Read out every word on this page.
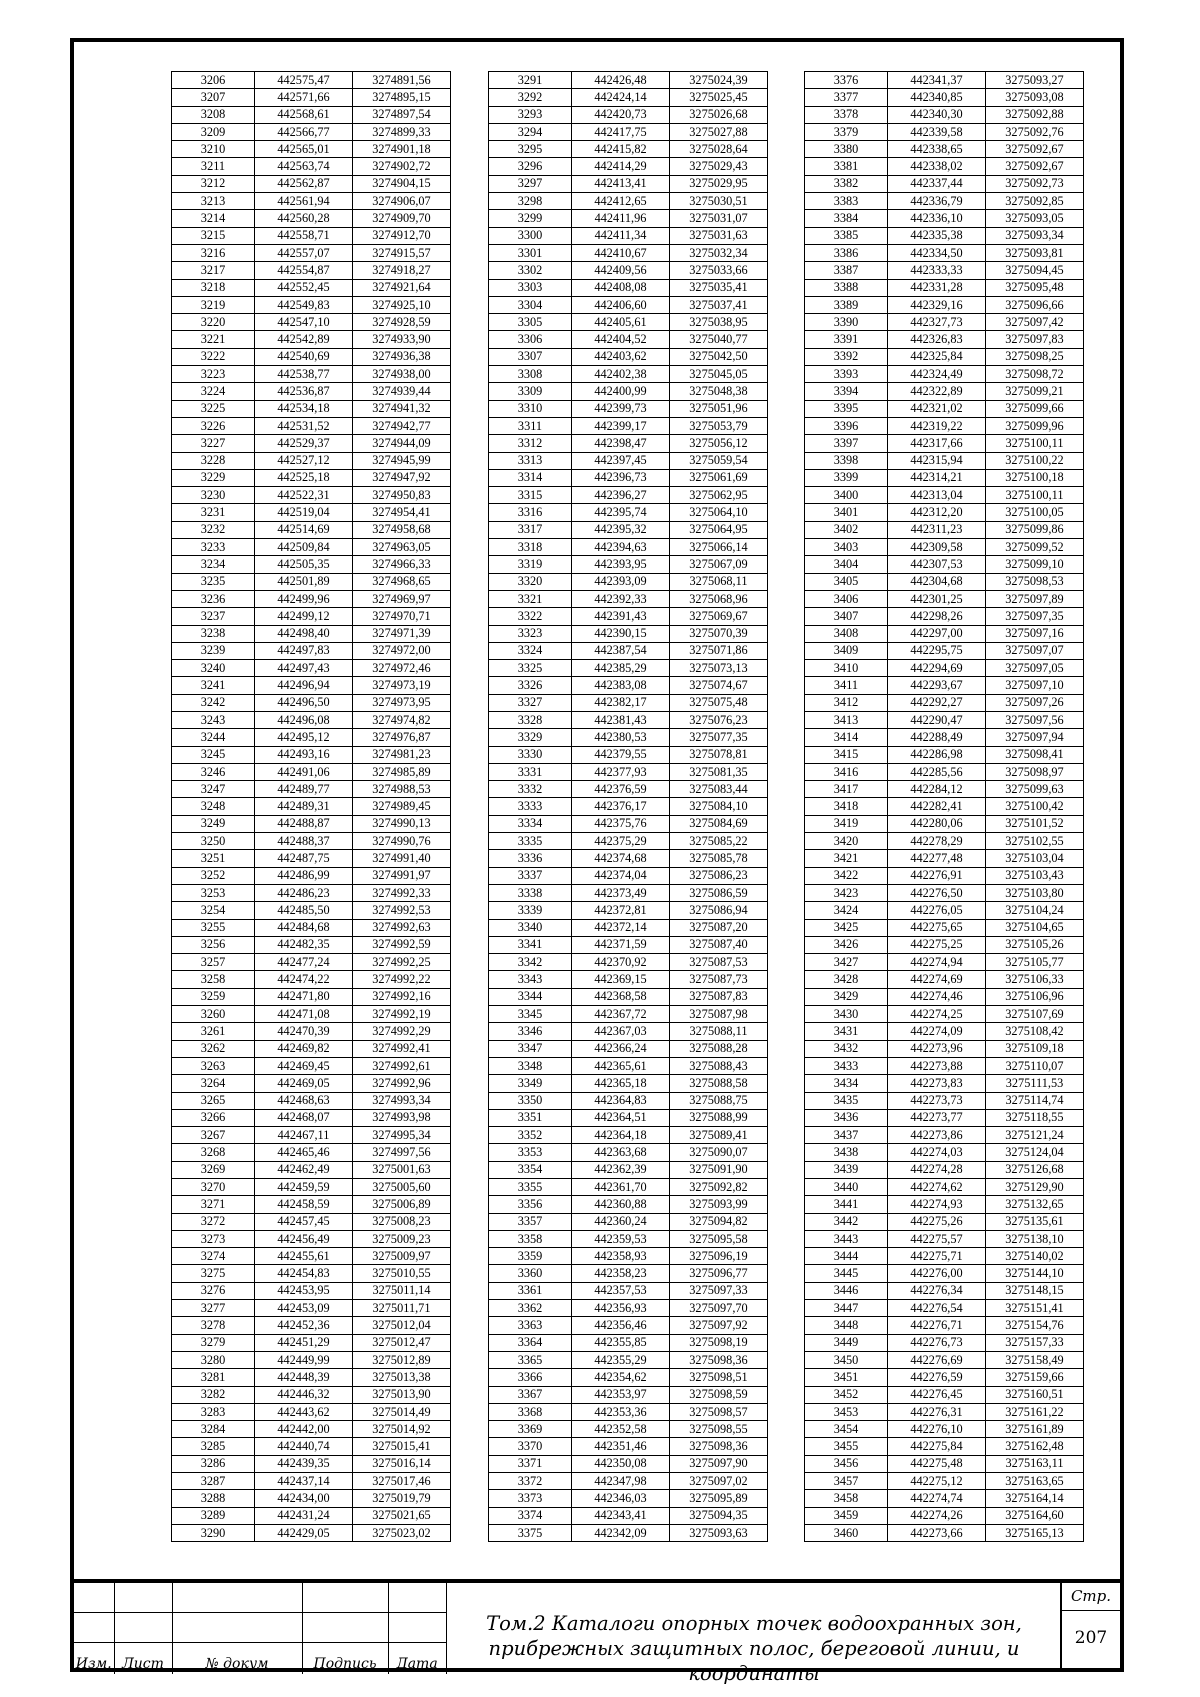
3206	442575,47	3274891,56
3207	442571,66	3274895,15
3208	442568,61	3274897,54
3209	442566,77	3274899,33
3210	442565,01	3274901,18
3211	442563,74	3274902,72
3212	442562,87	3274904,15
3213	442561,94	3274906,07
3214	442560,28	3274909,70
3215	442558,71	3274912,70
3216	442557,07	3274915,57
3217	442554,87	3274918,27
3218	442552,45	3274921,64
3219	442549,83	3274925,10
3220	442547,10	3274928,59
3221	442542,89	3274933,90
3222	442540,69	3274936,38
3223	442538,77	3274938,00
3224	442536,87	3274939,44
3225	442534,18	3274941,32
3226	442531,52	3274942,77
3227	442529,37	3274944,09
3228	442527,12	3274945,99
3229	442525,18	3274947,92
3230	442522,31	3274950,83
3231	442519,04	3274954,41
3232	442514,69	3274958,68
3233	442509,84	3274963,05
3234	442505,35	3274966,33
3235	442501,89	3274968,65
3236	442499,96	3274969,97
3237	442499,12	3274970,71
3238	442498,40	3274971,39
3239	442497,83	3274972,00
3240	442497,43	3274972,46
3241	442496,94	3274973,19
3242	442496,50	3274973,95
3243	442496,08	3274974,82
3244	442495,12	3274976,87
3245	442493,16	3274981,23
3246	442491,06	3274985,89
3247	442489,77	3274988,53
3248	442489,31	3274989,45
3249	442488,87	3274990,13
3250	442488,37	3274990,76
3251	442487,75	3274991,40
3252	442486,99	3274991,97
3253	442486,23	3274992,33
3254	442485,50	3274992,53
3255	442484,68	3274992,63
3256	442482,35	3274992,59
3257	442477,24	3274992,25
3258	442474,22	3274992,22
3259	442471,80	3274992,16
3260	442471,08	3274992,19
3261	442470,39	3274992,29
3262	442469,82	3274992,41
3263	442469,45	3274992,61
3264	442469,05	3274992,96
3265	442468,63	3274993,34
3266	442468,07	3274993,98
3267	442467,11	3274995,34
3268	442465,46	3274997,56
3269	442462,49	3275001,63
3270	442459,59	3275005,60
3271	442458,59	3275006,89
3272	442457,45	3275008,23
3273	442456,49	3275009,23
3274	442455,61	3275009,97
3275	442454,83	3275010,55
3276	442453,95	3275011,14
3277	442453,09	3275011,71
3278	442452,36	3275012,04
3279	442451,29	3275012,47
3280	442449,99	3275012,89
3281	442448,39	3275013,38
3282	442446,32	3275013,90
3283	442443,62	3275014,49
3284	442442,00	3275014,92
3285	442440,74	3275015,41
3286	442439,35	3275016,14
3287	442437,14	3275017,46
3288	442434,00	3275019,79
3289	442431,24	3275021,65
3290	442429,05	3275023,02
3291	442426,48	3275024,39
3292	442424,14	3275025,45
3293	442420,73	3275026,68
3294	442417,75	3275027,88
3295	442415,82	3275028,64
3296	442414,29	3275029,43
3297	442413,41	3275029,95
3298	442412,65	3275030,51
3299	442411,96	3275031,07
3300	442411,34	3275031,63
3301	442410,67	3275032,34
3302	442409,56	3275033,66
3303	442408,08	3275035,41
3304	442406,60	3275037,41
3305	442405,61	3275038,95
3306	442404,52	3275040,77
3307	442403,62	3275042,50
3308	442402,38	3275045,05
3309	442400,99	3275048,38
3310	442399,73	3275051,96
3311	442399,17	3275053,79
3312	442398,47	3275056,12
3313	442397,45	3275059,54
3314	442396,73	3275061,69
3315	442396,27	3275062,95
3316	442395,74	3275064,10
3317	442395,32	3275064,95
3318	442394,63	3275066,14
3319	442393,95	3275067,09
3320	442393,09	3275068,11
3321	442392,33	3275068,96
3322	442391,43	3275069,67
3323	442390,15	3275070,39
3324	442387,54	3275071,86
3325	442385,29	3275073,13
3326	442383,08	3275074,67
3327	442382,17	3275075,48
3328	442381,43	3275076,23
3329	442380,53	3275077,35
3330	442379,55	3275078,81
3331	442377,93	3275081,35
3332	442376,59	3275083,44
3333	442376,17	3275084,10
3334	442375,76	3275084,69
3335	442375,29	3275085,22
3336	442374,68	3275085,78
3337	442374,04	3275086,23
3338	442373,49	3275086,59
3339	442372,81	3275086,94
3340	442372,14	3275087,20
3341	442371,59	3275087,40
3342	442370,92	3275087,53
3343	442369,15	3275087,73
3344	442368,58	3275087,83
3345	442367,72	3275087,98
3346	442367,03	3275088,11
3347	442366,24	3275088,28
3348	442365,61	3275088,43
3349	442365,18	3275088,58
3350	442364,83	3275088,75
3351	442364,51	3275088,99
3352	442364,18	3275089,41
3353	442363,68	3275090,07
3354	442362,39	3275091,90
3355	442361,70	3275092,82
3356	442360,88	3275093,99
3357	442360,24	3275094,82
3358	442359,53	3275095,58
3359	442358,93	3275096,19
3360	442358,23	3275096,77
3361	442357,53	3275097,33
3362	442356,93	3275097,70
3363	442356,46	3275097,92
3364	442355,85	3275098,19
3365	442355,29	3275098,36
3366	442354,62	3275098,51
3367	442353,97	3275098,59
3368	442353,36	3275098,57
3369	442352,58	3275098,55
3370	442351,46	3275098,36
3371	442350,08	3275097,90
3372	442347,98	3275097,02
3373	442346,03	3275095,89
3374	442343,41	3275094,35
3375	442342,09	3275093,63
3376	442341,37	3275093,27
3377	442340,85	3275093,08
3378	442340,30	3275092,88
3379	442339,58	3275092,76
3380	442338,65	3275092,67
3381	442338,02	3275092,67
3382	442337,44	3275092,73
3383	442336,79	3275092,85
3384	442336,10	3275093,05
3385	442335,38	3275093,34
3386	442334,50	3275093,81
3387	442333,33	3275094,45
3388	442331,28	3275095,48
3389	442329,16	3275096,66
3390	442327,73	3275097,42
3391	442326,83	3275097,83
3392	442325,84	3275098,25
3393	442324,49	3275098,72
3394	442322,89	3275099,21
3395	442321,02	3275099,66
3396	442319,22	3275099,96
3397	442317,66	3275100,11
3398	442315,94	3275100,22
3399	442314,21	3275100,18
3400	442313,04	3275100,11
3401	442312,20	3275100,05
3402	442311,23	3275099,86
3403	442309,58	3275099,52
3404	442307,53	3275099,10
3405	442304,68	3275098,53
3406	442301,25	3275097,89
3407	442298,26	3275097,35
3408	442297,00	3275097,16
3409	442295,75	3275097,07
3410	442294,69	3275097,05
3411	442293,67	3275097,10
3412	442292,27	3275097,26
3413	442290,47	3275097,56
3414	442288,49	3275097,94
3415	442286,98	3275098,41
3416	442285,56	3275098,97
3417	442284,12	3275099,63
3418	442282,41	3275100,42
3419	442280,06	3275101,52
3420	442278,29	3275102,55
3421	442277,48	3275103,04
3422	442276,91	3275103,43
3423	442276,50	3275103,80
3424	442276,05	3275104,24
3425	442275,65	3275104,65
3426	442275,25	3275105,26
3427	442274,94	3275105,77
3428	442274,69	3275106,33
3429	442274,46	3275106,96
3430	442274,25	3275107,69
3431	442274,09	3275108,42
3432	442273,96	3275109,18
3433	442273,88	3275110,07
3434	442273,83	3275111,53
3435	442273,73	3275114,74
3436	442273,77	3275118,55
3437	442273,86	3275121,24
3438	442274,03	3275124,04
3439	442274,28	3275126,68
3440	442274,62	3275129,90
3441	442274,93	3275132,65
3442	442275,26	3275135,61
3443	442275,57	3275138,10
3444	442275,71	3275140,02
3445	442276,00	3275144,10
3446	442276,34	3275148,15
3447	442276,54	3275151,41
3448	442276,71	3275154,76
3449	442276,73	3275157,33
3450	442276,69	3275158,49
3451	442276,59	3275159,66
3452	442276,45	3275160,51
3453	442276,31	3275161,22
3454	442276,10	3275161,89
3455	442275,84	3275162,48
3456	442275,48	3275163,11
3457	442275,12	3275163,65
3458	442274,74	3275164,14
3459	442274,26	3275164,60
3460	442273,66	3275165,13

Изм.	Лист	№ докум	Подпись	Дата
Том.2 Каталоги опорных точек водоохранных зон, прибрежных защитных полос, береговой линии, и координаты
Стр.
207
